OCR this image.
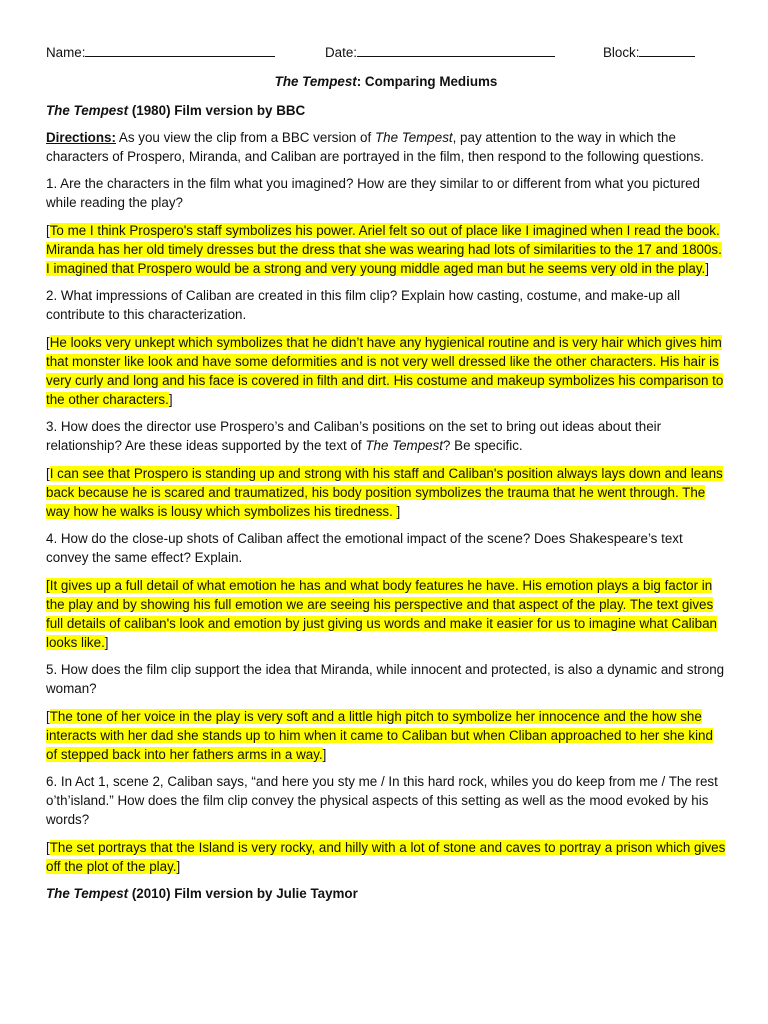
Name:	Date:	Block:
The Tempest: Comparing Mediums
The Tempest (1980) Film version by BBC
Directions: As you view the clip from a BBC version of The Tempest, pay attention to the way in which the characters of Prospero, Miranda, and Caliban are portrayed in the film, then respond to the following questions.
1. Are the characters in the film what you imagined? How are they similar to or different from what you pictured while reading the play?
[To me I think Prospero's staff symbolizes his power. Ariel felt so out of place like I imagined when I read the book. Miranda has her old timely dresses but the dress that she was wearing had lots of similarities to the 17 and 1800s. I imagined that Prospero would be a strong and very young middle aged man but he seems very old in the play.]
2. What impressions of Caliban are created in this film clip? Explain how casting, costume, and make-up all contribute to this characterization.
[He looks very unkept which symbolizes that he didn’t have any hygienical routine and is very hair which gives him that monster like look and have some deformities and is not very well dressed like the other characters. His hair is very curly and long and his face is covered in filth and dirt. His costume and makeup symbolizes his comparison to the other characters.]
3. How does the director use Prospero’s and Caliban’s positions on the set to bring out ideas about their relationship? Are these ideas supported by the text of The Tempest? Be specific.
[I can see that Prospero is standing up and strong with his staff and Caliban's position always lays down and leans back because he is scared and traumatized, his body position symbolizes the trauma that he went through. The way how he walks is lousy which symbolizes his tiredness. ]
4. How do the close-up shots of Caliban affect the emotional impact of the scene? Does Shakespeare’s text convey the same effect? Explain.
[It gives up a full detail of what emotion he has and what body features he have. His emotion plays a big factor in the play and by showing his full emotion we are seeing his perspective and that aspect of the play. The text gives full details of caliban's look and emotion by just giving us words and make it easier for us to imagine what Caliban looks like.]
5. How does the film clip support the idea that Miranda, while innocent and protected, is also a dynamic and strong woman?
[The tone of her voice in the play is very soft and a little high pitch to symbolize her innocence and the how she interacts with her dad she stands up to him when it came to Caliban but when Cliban approached to her she kind of stepped back into her fathers arms in a way.]
6. In Act 1, scene 2, Caliban says, “and here you sty me / In this hard rock, whiles you do keep from me / The rest o’th’island.” How does the film clip convey the physical aspects of this setting as well as the mood evoked by his words?
[The set portrays that the Island is very rocky, and hilly with a lot of stone and caves to portray a prison which gives off the plot of the play.]
The Tempest (2010) Film version by Julie Taymor
